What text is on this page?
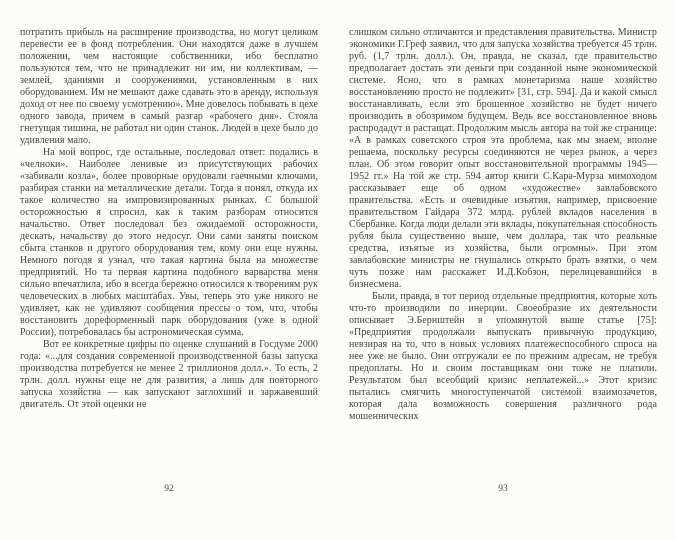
потратить прибыль на расширение производства, но могут целиком перевести ее в фонд потребления. Они находятся даже в лучшем положении, чем настоящие собственники, ибо бесплатно пользуются тем, что не принадлежит ни им, ни коллективам, — землей, зданиями и сооружениями, установленным в них оборудованием. Им не мешают даже сдавать это в аренду, используя доход от нее по своему усмотрению». Мне довелось побывать в цехе одного завода, причем в самый разгар «рабочего дня». Стояла гнетущая тишина, не работал ни один станок. Людей в цехе было до удивления мало.

На мой вопрос, где остальные, последовал ответ: подались в «челноки». Наиболее ленивые из присутствующих рабочих «забивали козла», более проворные орудовали гаечными ключами, разбирая станки на металлические детали. Тогда я понял, откуда их такое количество на импровизированных рынках. С большой осторожностью я спросил, как к таким разборам относится начальство. Ответ последовал без ожидаемой осторожности, дескать, начальству до этого недосуг. Они сами заняты поиском сбыта станков и другого оборудования тем, кому они еще нужны. Немного погодя я узнал, что такая картина была на множестве предприятий. Но та первая картина подобного варварства меня сильно впечатлила, ибо я всегда бережно относился к творениям рук человеческих в любых масштабах. Увы, теперь это уже никого не удивляет, как не удивляют сообщения прессы о том, что, чтобы восстановить дореформенный парк оборудования (уже в одной России), потребовалась бы астрономическая сумма.

Вот ее конкретные цифры по оценке слушаний в Госдуме 2000 года: «...для создания современной производственной базы запуска производства потребуется не менее 2 триллионов долл.». То есть, 2 трлн. долл. нужны еще не для развития, а лишь для повторного запуска хозяйства — как запускают заглохший и заржавевший двигатель. От этой оценки не

92

слишком сильно отличаются и представления правительства. Министр экономики Г.Греф заявил, что для запуска хозяйства требуется 45 трлн. руб. (1,7 трлн. долл.). Он, правда, не сказал, где правительство предполагает достать эти деньги при созданной ныне экономической системе. Ясно, что в рамках монетаризма наше хозяйство восстановлению просто не подлежит» [31, стр. 594]. Да и какой смысл восстанавливать, если это брошенное хозяйство не будет ничего производить в обозримом будущем. Ведь все восстановленное вновь распродадут и растащат. Продолжим мысль автора на той же странице: «А в рамках советского строя эта проблема, как мы знаем, вполне решаема, поскольку ресурсы соединяются не через рынок, а через план. Об этом говорит опыт восстановительной программы 1945—1952 гг.» На той же стр. 594 автор книги С.Кара-Мурза мимоходом рассказывает еще об одном «художестве» завлабовского правительства. «Есть и очевидные изъятия, например, присвоение правительством Гайдара 372 млрд. рублей вкладов населения в Сбербанке. Когда люди делали эти вклады, покупательная способность рубля была существенно выше, чем доллара, так что реальные средства, изъятые из хозяйства, были огромны». При этом завлабовские министры не гнушались открыто брать взятки, о чем чуть позже нам расскажет И.Д.Кобзон, перелицевавшийся в бизнесмена.

Были, правда, в тот период отдельные предприятия, которые хоть что-то производили по инерции. Своеобразие их деятельности описывает Э.Бернштейн в упомянутой выше статье [75]: «Предприятия продолжали выпускать привычную продукцию, невзирая на то, что в новых условиях платежеспособного спроса на нее уже не было. Они отгружали ее по прежним адресам, не требуя предоплаты. Но и своим поставщикам они тоже не платили. Результатом был всеобщий кризис неплатежей...» Этот кризис пытались смягчить многоступенчатой системой взаимозачетов, которая дала возможность совершения различного рода мошеннических

93
